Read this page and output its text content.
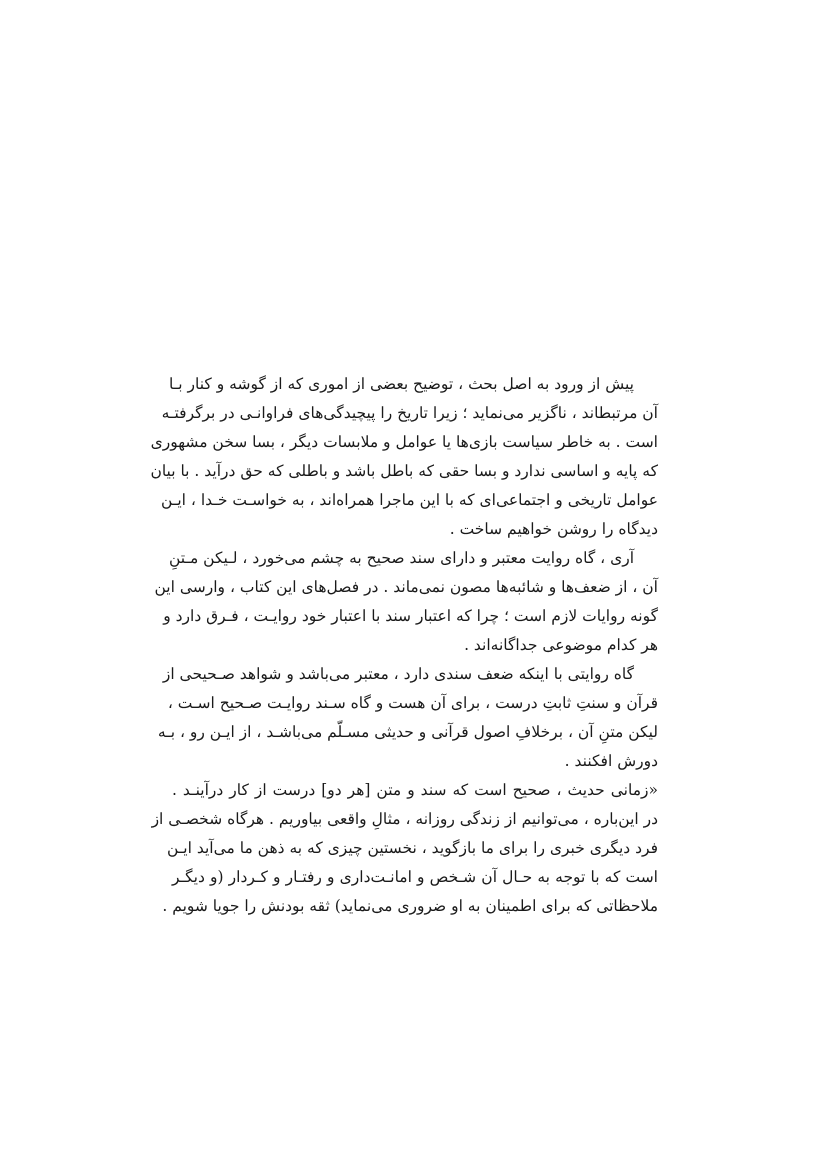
پیش از ورود به اصل بحث ، توضیح بعضی از اموری که از گوشه و کنار بـا
آن مرتبطاند ، ناگزیر می‌نماید ؛ زیرا تاریخ را پیچیدگی‌های فراوانـی در برگرفتـه
است . به خاطر سیاست بازی‌ها یا عوامل و ملابسات دیگر ، بسا سخن مشهوری
که پایه و اساسی ندارد و بسا حقی که باطل باشد و باطلی که حق درآید . با بیان
عوامل تاریخی و اجتماعی‌ای که با این ماجرا همراه‌اند ، به خواسـت خـدا ، ایـن
دیدگاه را روشن خواهیم ساخت .
آری ، گاه روایت معتبر و دارای سند صحیح به چشم می‌خورد ، لـیکن مـتنِ
آن ، از ضعف‌ها و شائبه‌ها مصون نمی‌ماند . در فصل‌های این کتاب ، وارسی این
گونه روایات لازم است ؛ چرا که اعتبار سند با اعتبار خود روایـت ، فـرق دارد و
هر کدام موضوعی جداگانه‌اند .
گاه روایتی با اینکه ضعف سندی دارد ، معتبر می‌باشد و شواهد صـحیحی از
قرآن و سنتِ ثابتِ درست ، برای آن هست و گاه سـند روایـت صـحیح اسـت ،
لیکن متنِ آن ، برخلافِ اصول قرآنی و حدیثی مسـلّم می‌باشـد ، از ایـن رو ، بـه
دورش افکنند .
«زمانی حدیث ، صحیح است که سند و متن [هر دو] درست از کار درآینـد .
در این‌باره ، می‌توانیم از زندگی روزانه ، مثالِ واقعی بیاوریم . هرگاه شخصـی از
فرد دیگری خبری را برای ما بازگوید ، نخستین چیزی که به ذهن ما می‌آید ایـن
است که با توجه به حـال آن شـخص و امانـت‌داری و رفتـار و کـردار (و دیگـر
ملاحظاتی که برای اطمینان به او ضروری می‌نماید) ثقه بودنش را جویا شویم .
